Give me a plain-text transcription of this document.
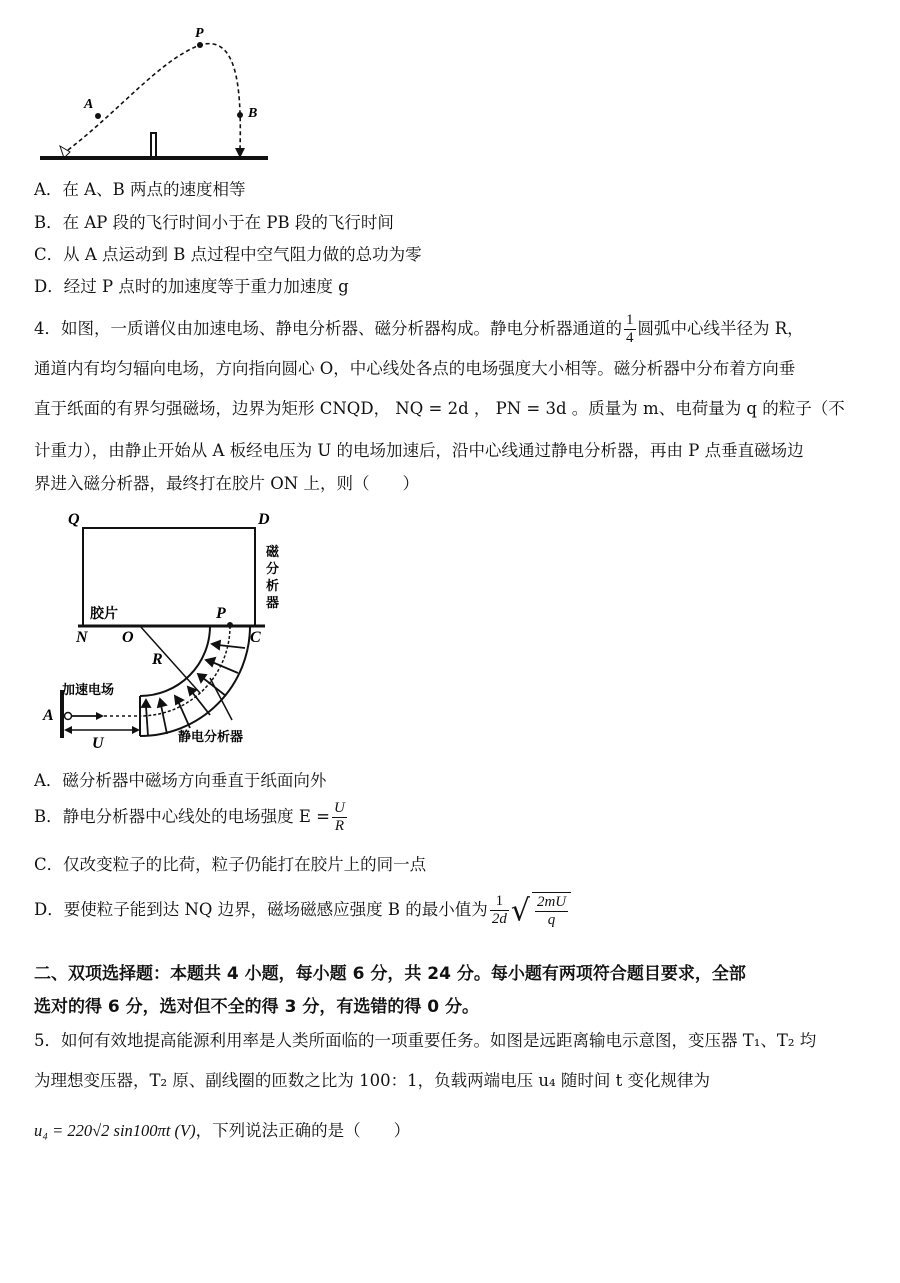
A
P
B
A．在 A、B 两点的速度相等
B．在 AP 段的飞行时间小于在 PB 段的飞行时间
C．从 A 点运动到 B 点过程中空气阻力做的总功为零
D．经过 P 点时的加速度等于重力加速度 g
4．如图，一质谱仪由加速电场、静电分析器、磁分析器构成。静电分析器通道的 $\frac{1}{4}$ 圆弧中心线半径为 R，
通道内有均匀辐向电场，方向指向圆心 O，中心线处各点的电场强度大小相等。磁分析器中分布着方向垂
直于纸面的有界匀强磁场，边界为矩形 CNQD， NQ = 2d ， PN = 3d 。质量为 m、电荷量为 q 的粒子（不
计重力），由静止开始从 A 板经电压为 U 的电场加速后，沿中心线通过静电分析器，再由 P 点垂直磁场边
界进入磁分析器，最终打在胶片 ON 上，则（　　）
Q	D
N O
P
C
R
A
U
胶片
磁
分
析
器
加速电场
静电分析器
A．磁分析器中磁场方向垂直于纸面向外
B．静电分析器中心线处的电场强度 $E = \frac{U}{R}$
C．仅改变粒子的比荷，粒子仍能打在胶片上的同一点
D．要使粒子能到达 NQ 边界，磁场磁感应强度 B 的最小值为 $\frac{1}{2d}$ √ $\frac{2mU}{q}$
二、双项选择题：本题共 4 小题，每小题 6 分，共 24 分。每小题有两项符合题目要求，全部
选对的得 6 分，选对但不全的得 3 分，有选错的得 0 分。
5．如何有效地提高能源利用率是人类所面临的一项重要任务。如图是远距离输电示意图，变压器 T₁、T₂ 均
为理想变压器，T₂ 原、副线圈的匝数之比为 100：1，负载两端电压 u₄ 随时间 t 变化规律为
u₄ = 220√2 sin100πt (V)，下列说法正确的是（　　）
